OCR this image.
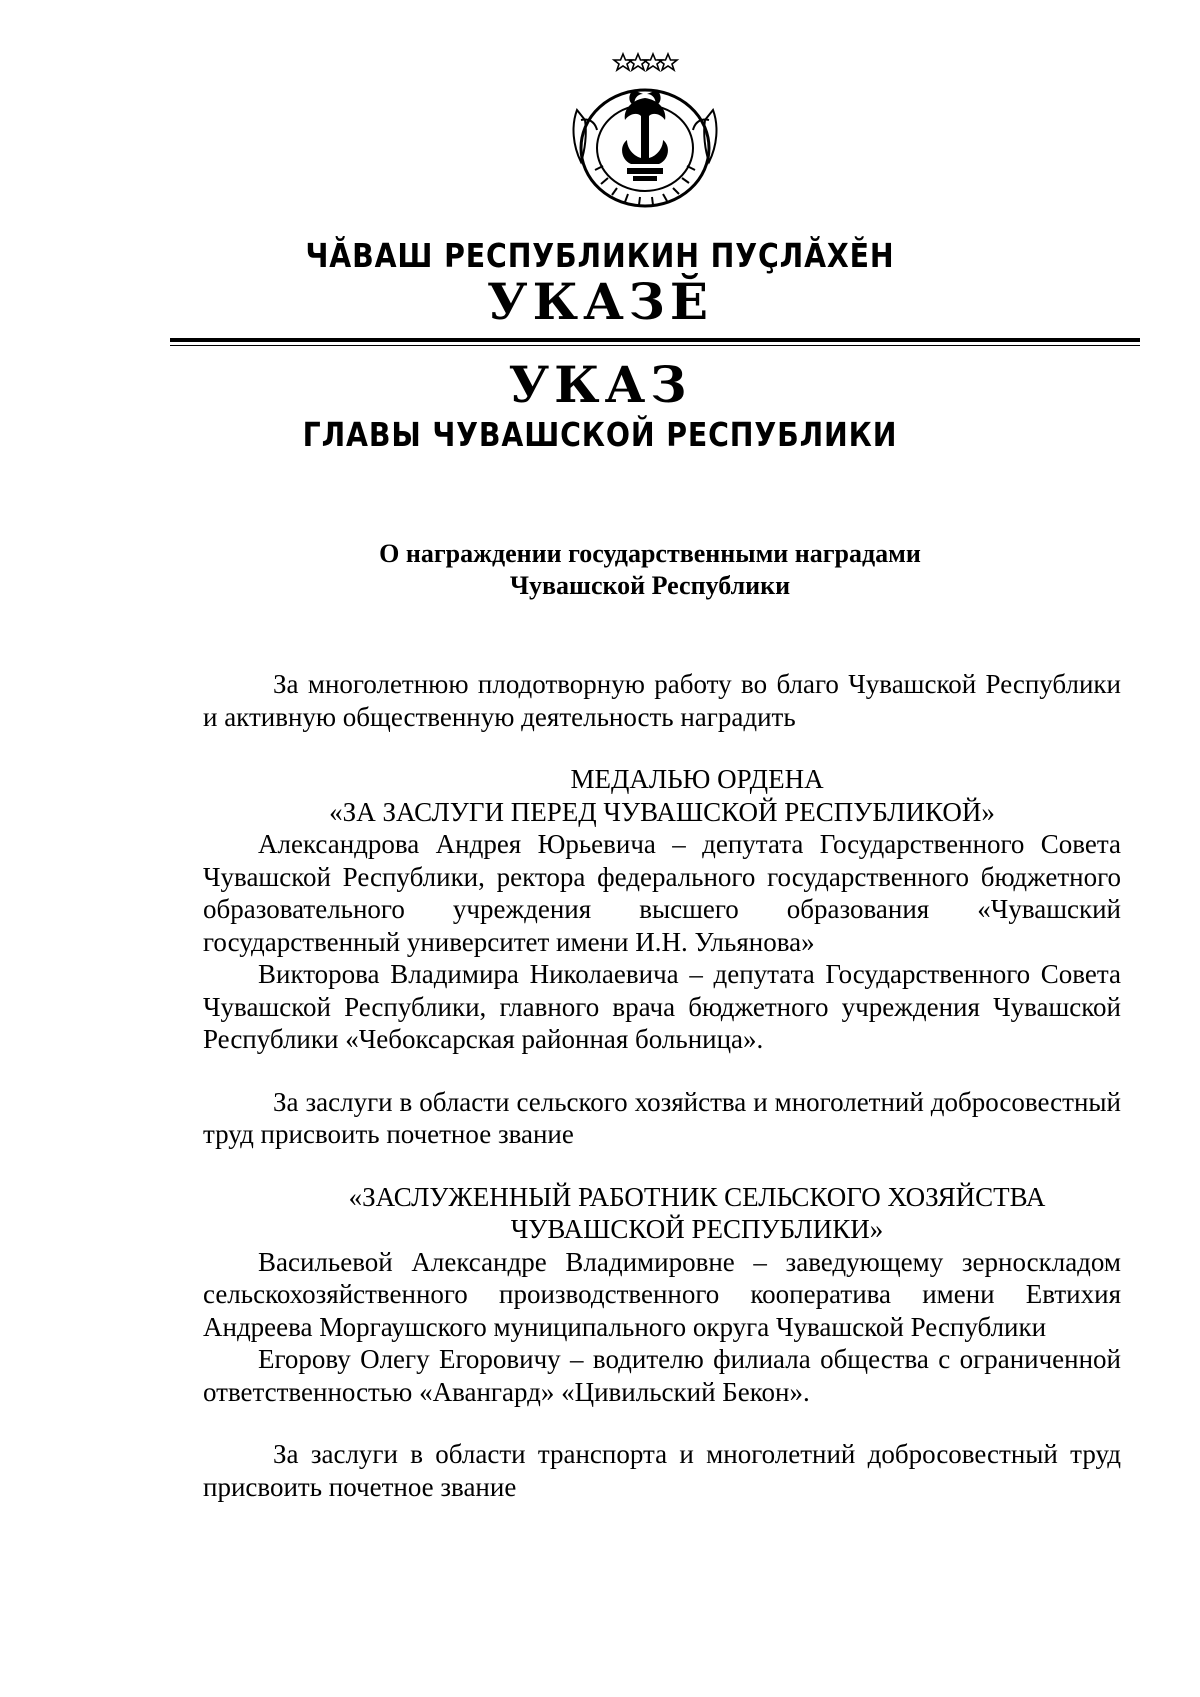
ЧӐВАШ РЕСПУБЛИКИН ПУҪЛӐХӖН
УКАЗӖ
УКАЗ
ГЛАВЫ ЧУВАШСКОЙ РЕСПУБЛИКИ
О награждении государственными наградами
Чувашской Республики

За многолетнюю плодотворную работу во благо Чувашской Республики и активную общественную деятельность наградить

МЕДАЛЬЮ ОРДЕНА

«ЗА ЗАСЛУГИ ПЕРЕД ЧУВАШСКОЙ РЕСПУБЛИКОЙ»

Александрова Андрея Юрьевича – депутата Государственного Совета Чувашской Республики, ректора федерального государственного бюджетного образовательного учреждения высшего образования «Чувашский государственный университет имени И.Н. Ульянова»

Викторова Владимира Николаевича – депутата Государственного Совета Чувашской Республики, главного врача бюджетного учреждения Чувашской Республики «Чебоксарская районная больница».

За заслуги в области сельского хозяйства и многолетний добросовестный труд присвоить почетное звание

«ЗАСЛУЖЕННЫЙ РАБОТНИК СЕЛЬСКОГО ХОЗЯЙСТВА

ЧУВАШСКОЙ РЕСПУБЛИКИ»

Васильевой Александре Владимировне – заведующему зерноскладом сельскохозяйственного производственного кооператива имени Евтихия Андреева Моргаушского муниципального округа Чувашской Республики

Егорову Олегу Егоровичу – водителю филиала общества с ограниченной ответственностью «Авангард» «Цивильский Бекон».

За заслуги в области транспорта и многолетний добросовестный труд присвоить почетное звание
